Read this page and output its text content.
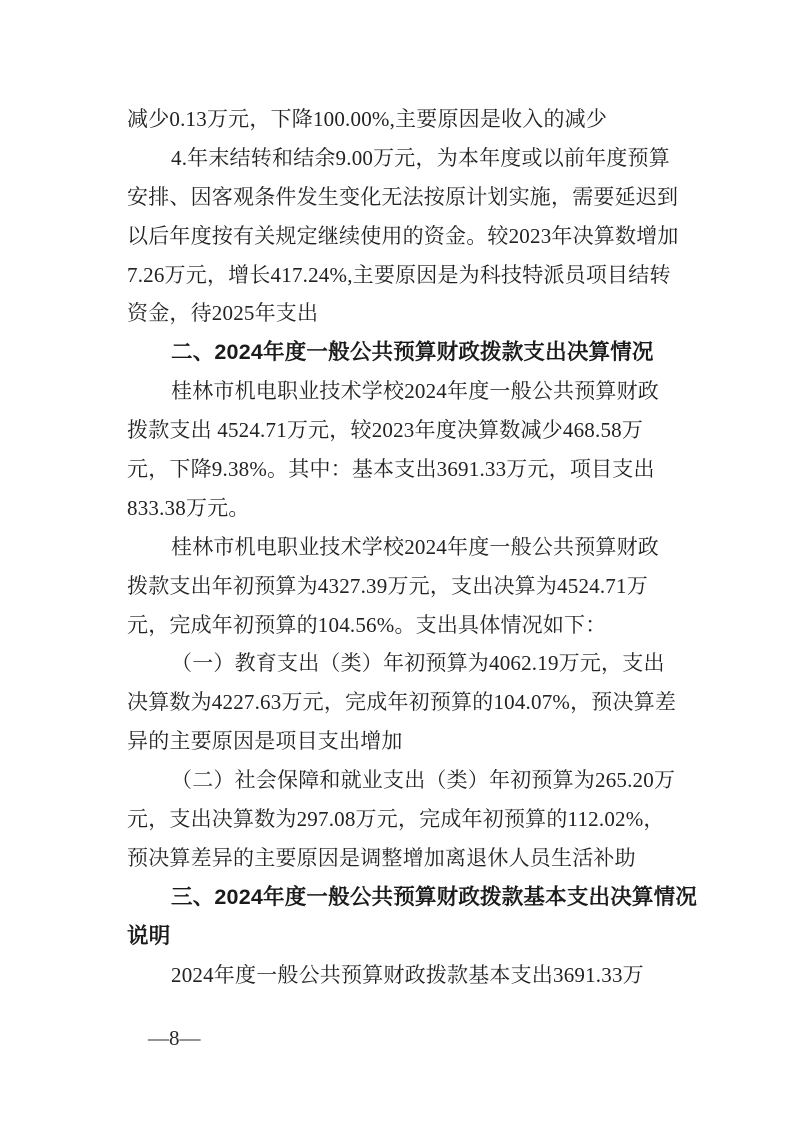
减少0.13万元，下降100.00%,主要原因是收入的减少
4.年末结转和结余9.00万元，为本年度或以前年度预算
安排、因客观条件发生变化无法按原计划实施，需要延迟到
以后年度按有关规定继续使用的资金。较2023年决算数增加
7.26万元，增长417.24%,主要原因是为科技特派员项目结转
资金，待2025年支出
二、2024年度一般公共预算财政拨款支出决算情况
桂林市机电职业技术学校2024年度一般公共预算财政
拨款支出 4524.71万元，较2023年度决算数减少468.58万
元，下降9.38%。其中：基本支出3691.33万元，项目支出
833.38万元。
桂林市机电职业技术学校2024年度一般公共预算财政
拨款支出年初预算为4327.39万元，支出决算为4524.71万
元，完成年初预算的104.56%。支出具体情况如下：
（一）教育支出（类）年初预算为4062.19万元，支出
决算数为4227.63万元，完成年初预算的104.07%，预决算差
异的主要原因是项目支出增加
（二）社会保障和就业支出（类）年初预算为265.20万
元，支出决算数为297.08万元，完成年初预算的112.02%，
预决算差异的主要原因是调整增加离退休人员生活补助
三、2024年度一般公共预算财政拨款基本支出决算情况
说明
2024年度一般公共预算财政拨款基本支出3691.33万
—8—
